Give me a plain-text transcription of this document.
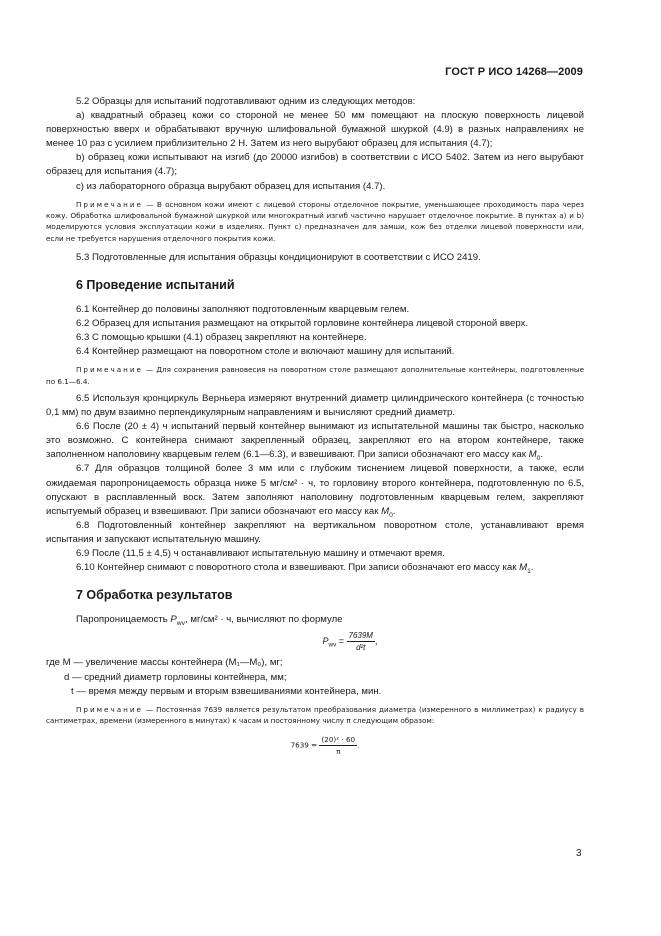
ГОСТ Р ИСО 14268—2009

5.2 Образцы для испытаний подготавливают одним из следующих методов:

а) квадратный образец кожи со стороной не менее 50 мм помещают на плоскую поверхность лицевой поверхностью вверх и обрабатывают вручную шлифовальной бумажной шкуркой (4.9) в разных направлениях не менее 10 раз с усилием приблизительно 2 Н. Затем из него вырубают образец для испытания (4.7);

b) образец кожи испытывают на изгиб (до 20000 изгибов) в соответствии с ИСО 5402. Затем из него вырубают образец для испытания (4.7);

c) из лабораторного образца вырубают образец для испытания (4.7).

Примечание — В основном кожи имеют с лицевой стороны отделочное покрытие, уменьшающее проходимость пара через кожу. Обработка шлифовальной бумажной шкуркой или многократный изгиб частично нарушает отделочное покрытие. В пунктах а) и b) моделируются условия эксплуатации кожи в изделиях. Пункт с) предназначен для замши, кож без отделки лицевой поверхности или, если не требуется нарушения отделочного покрытия кожи.

5.3 Подготовленные для испытания образцы кондиционируют в соответствии с ИСО 2419.

6 Проведение испытаний

6.1 Контейнер до половины заполняют подготовленным кварцевым гелем.

6.2 Образец для испытания размещают на открытой горловине контейнера лицевой стороной вверх.

6.3 С помощью крышки (4.1) образец закрепляют на контейнере.

6.4 Контейнер размещают на поворотном столе и включают машину для испытаний.

Примечание — Для сохранения равновесия на поворотном столе размещают дополнительные контейнеры, подготовленные по 6.1—6.4.

6.5 Используя кронциркуль Верньера измеряют внутренний диаметр цилиндрического контейнера (с точностью 0,1 мм) по двум взаимно перпендикулярным направлениям и вычисляют средний диаметр.

6.6 После (20 ± 4) ч испытаний первый контейнер вынимают из испытательной машины так быстро, насколько это возможно. С контейнера снимают закрепленный образец, закрепляют его на втором контейнере, также заполненном наполовину кварцевым гелем (6.1—6.3), и взвешивают. При записи обозначают его массу как $M_0$.

6.7 Для образцов толщиной более 3 мм или с глубоким тиснением лицевой поверхности, а также, если ожидаемая паропроницаемость образца ниже 5 мг/см² · ч, то горловину второго контейнера, подготовленную по 6.5, опускают в расплавленный воск. Затем заполняют наполовину подготовленным кварцевым гелем, закрепляют испытуемый образец и взвешивают. При записи обозначают его массу как $M_0$.

6.8 Подготовленный контейнер закрепляют на вертикальном поворотном столе, устанавливают время испытания и запускают испытательную машину.

6.9 После (11,5 ± 4,5) ч останавливают испытательную машину и отмечают время.

6.10 Контейнер снимают с поворотного стола и взвешивают. При записи обозначают его массу как $M_1$.

7 Обработка результатов

Паропроницаемость $P_{wv}$, мг/см² · ч, вычисляют по формуле

$P_{wv} = \frac{7639M}{\text{d²t}}$ ,

где M — увеличение массы контейнера (M₁—M₀), мг;

d — средний диаметр горловины контейнера, мм;

t — время между первым и вторым взвешиваниями контейнера, мин.

Примечание — Постоянная 7639 является результатом преобразования диаметра (измеренного в миллиметрах) к радиусу в сантиметрах, времени (измеренного в минутах) к часам и постоянному числу π следующим образом:

$7639 = \frac{\text{(20)² · 60}}{\pi}$ .

3
